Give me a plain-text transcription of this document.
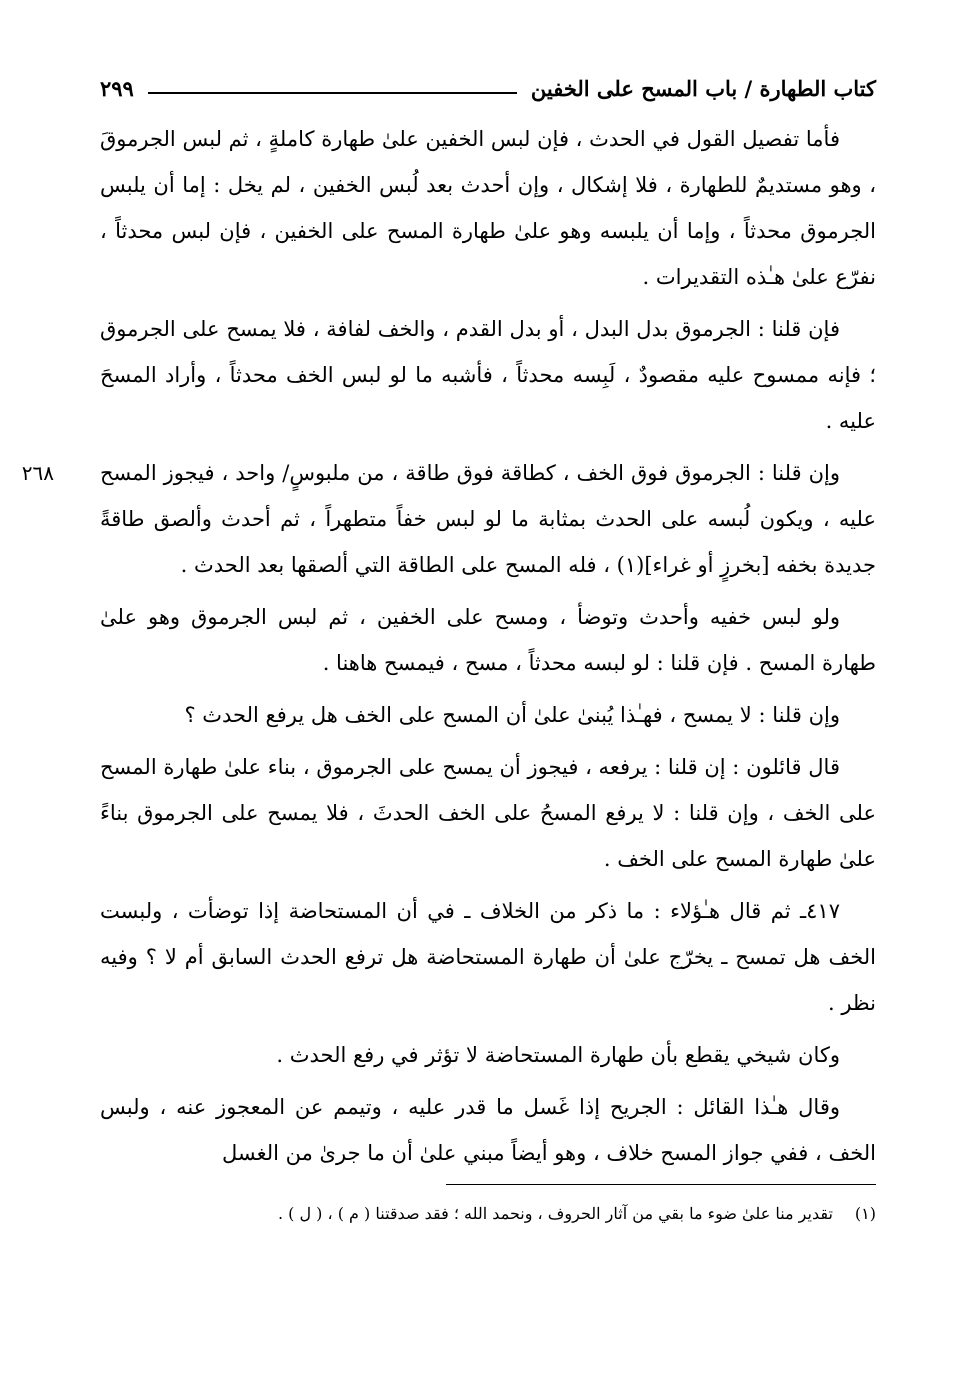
كتاب الطهارة / باب المسح على الخفين
٢٩٩

فأما تفصيل القول في الحدث ، فإن لبس الخفين علىٰ طهارة كاملةٍ ، ثم لبس الجرموقَ ، وهو مستديمٌ للطهارة ، فلا إشكال ، وإن أحدث بعد لُبس الخفين ، لم يخل : إما أن يلبس الجرموق محدثاً ، وإما أن يلبسه وهو علىٰ طهارة المسح على الخفين ، فإن لبس محدثاً ، نفرّع علىٰ هـٰذه التقديرات .

فإن قلنا : الجرموق بدل البدل ، أو بدل القدم ، والخف لفافة ، فلا يمسح على الجرموق ؛ فإنه ممسوح عليه مقصودٌ ، لَبِسه محدثاً ، فأشبه ما لو لبس الخف محدثاً ، وأراد المسحَ عليه .

٢٦٨	وإن قلنا : الجرموق فوق الخف ، كطاقة فوق طاقة ، من ملبوسٍ/ واحد ، فيجوز المسح عليه ، ويكون لُبسه على الحدث بمثابة ما لو لبس خفاً متطهراً ، ثم أحدث وألصق طاقةً جديدة بخفه [بخرزٍ أو غراء](١) ، فله المسح على الطاقة التي ألصقها بعد الحدث .

ولو لبس خفيه وأحدث وتوضأ ، ومسح على الخفين ، ثم لبس الجرموق وهو علىٰ طهارة المسح . فإن قلنا : لو لبسه محدثاً ، مسح ، فيمسح هاهنا .

وإن قلنا : لا يمسح ، فهـٰذا يُبنىٰ علىٰ أن المسح على الخف هل يرفع الحدث ؟

قال قائلون : إن قلنا : يرفعه ، فيجوز أن يمسح على الجرموق ، بناء علىٰ طهارة المسح على الخف ، وإن قلنا : لا يرفع المسحُ على الخف الحدثَ ، فلا يمسح على الجرموق بناءً علىٰ طهارة المسح على الخف .

٤١٧ـ ثم قال هـٰؤلاء : ما ذكر من الخلاف ـ في أن المستحاضة إذا توضأت ، ولبست الخف هل تمسح ـ يخرّج علىٰ أن طهارة المستحاضة هل ترفع الحدث السابق أم لا ؟ وفيه نظر .

وكان شيخي يقطع بأن طهارة المستحاضة لا تؤثر في رفع الحدث .

وقال هـٰذا القائل : الجريح إذا غَسل ما قدر عليه ، وتيمم عن المعجوز عنه ، ولبس الخف ، ففي جواز المسح خلاف ، وهو أيضاً مبني علىٰ أن ما جرىٰ من الغسل

(١)
تقدير منا علىٰ ضوء ما بقي من آثار الحروف ، ونحمد الله ؛ فقد صدقتنا ( م ) ، ( ل ) .
